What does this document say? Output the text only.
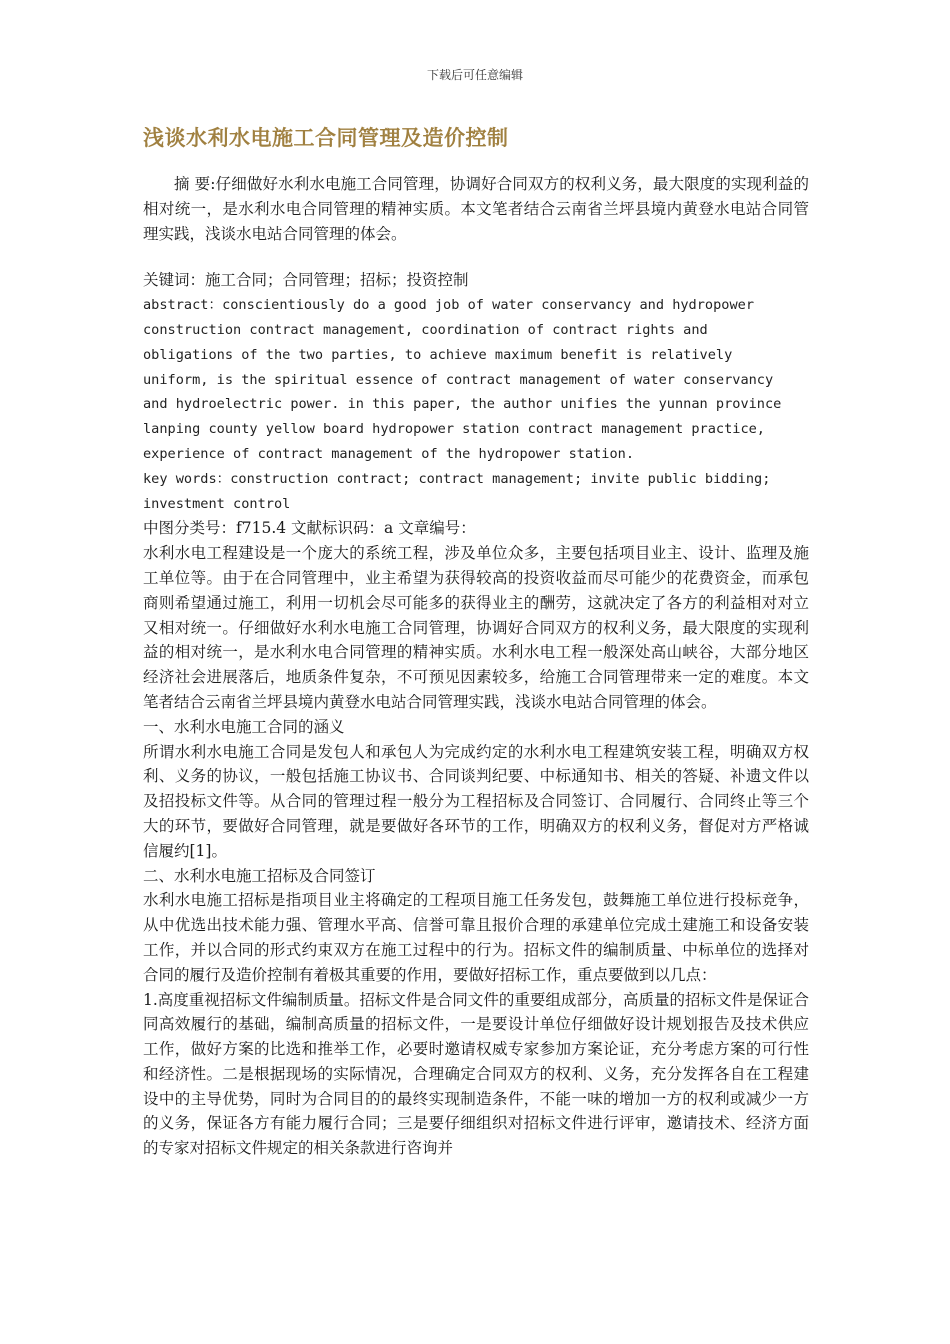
下载后可任意编辑
浅谈水利水电施工合同管理及造价控制

摘 要:仔细做好水利水电施工合同管理，协调好合同双方的权利义务，最大限度的实现利益的相对统一，是水利水电合同管理的精神实质。本文笔者结合云南省兰坪县境内黄登水电站合同管理实践，浅谈水电站合同管理的体会。

关键词：施工合同；合同管理；招标；投资控制

abstract：conscientiously do a good job of water conservancy and hydropower
construction contract management, coordination of contract rights and
obligations of the two parties, to achieve maximum benefit is relatively
uniform, is the spiritual essence of contract management of water conservancy
and hydroelectric power. in this paper, the author unifies the yunnan province
lanping county yellow board hydropower station contract management practice,
experience of contract management of the hydropower station.

key words：construction contract; contract management; invite public bidding;
investment control

中图分类号：f715.4 文献标识码：a 文章编号：

水利水电工程建设是一个庞大的系统工程，涉及单位众多，主要包括项目业主、设计、监理及施工单位等。由于在合同管理中，业主希望为获得较高的投资收益而尽可能少的花费资金，而承包商则希望通过施工，利用一切机会尽可能多的获得业主的酬劳，这就决定了各方的利益相对对立又相对统一。仔细做好水利水电施工合同管理，协调好合同双方的权利义务，最大限度的实现利益的相对统一，是水利水电合同管理的精神实质。水利水电工程一般深处高山峡谷，大部分地区经济社会进展落后，地质条件复杂，不可预见因素较多，给施工合同管理带来一定的难度。本文笔者结合云南省兰坪县境内黄登水电站合同管理实践，浅谈水电站合同管理的体会。

一、水利水电施工合同的涵义

所谓水利水电施工合同是发包人和承包人为完成约定的水利水电工程建筑安装工程，明确双方权利、义务的协议，一般包括施工协议书、合同谈判纪要、中标通知书、相关的答疑、补遗文件以及招投标文件等。从合同的管理过程一般分为工程招标及合同签订、合同履行、合同终止等三个大的环节，要做好合同管理，就是要做好各环节的工作，明确双方的权利义务，督促对方严格诚信履约[1]。

二、水利水电施工招标及合同签订

水利水电施工招标是指项目业主将确定的工程项目施工任务发包，鼓舞施工单位进行投标竞争，从中优选出技术能力强、管理水平高、信誉可靠且报价合理的承建单位完成土建施工和设备安装工作，并以合同的形式约束双方在施工过程中的行为。招标文件的编制质量、中标单位的选择对合同的履行及造价控制有着极其重要的作用，要做好招标工作，重点要做到以几点：

1.高度重视招标文件编制质量。招标文件是合同文件的重要组成部分，高质量的招标文件是保证合同高效履行的基础，编制高质量的招标文件，一是要设计单位仔细做好设计规划报告及技术供应工作，做好方案的比选和推举工作，必要时邀请权威专家参加方案论证，充分考虑方案的可行性和经济性。二是根据现场的实际情况，合理确定合同双方的权利、义务，充分发挥各自在工程建设中的主导优势，同时为合同目的的最终实现制造条件，不能一味的增加一方的权利或减少一方的义务，保证各方有能力履行合同；三是要仔细组织对招标文件进行评审，邀请技术、经济方面的专家对招标文件规定的相关条款进行咨询并
